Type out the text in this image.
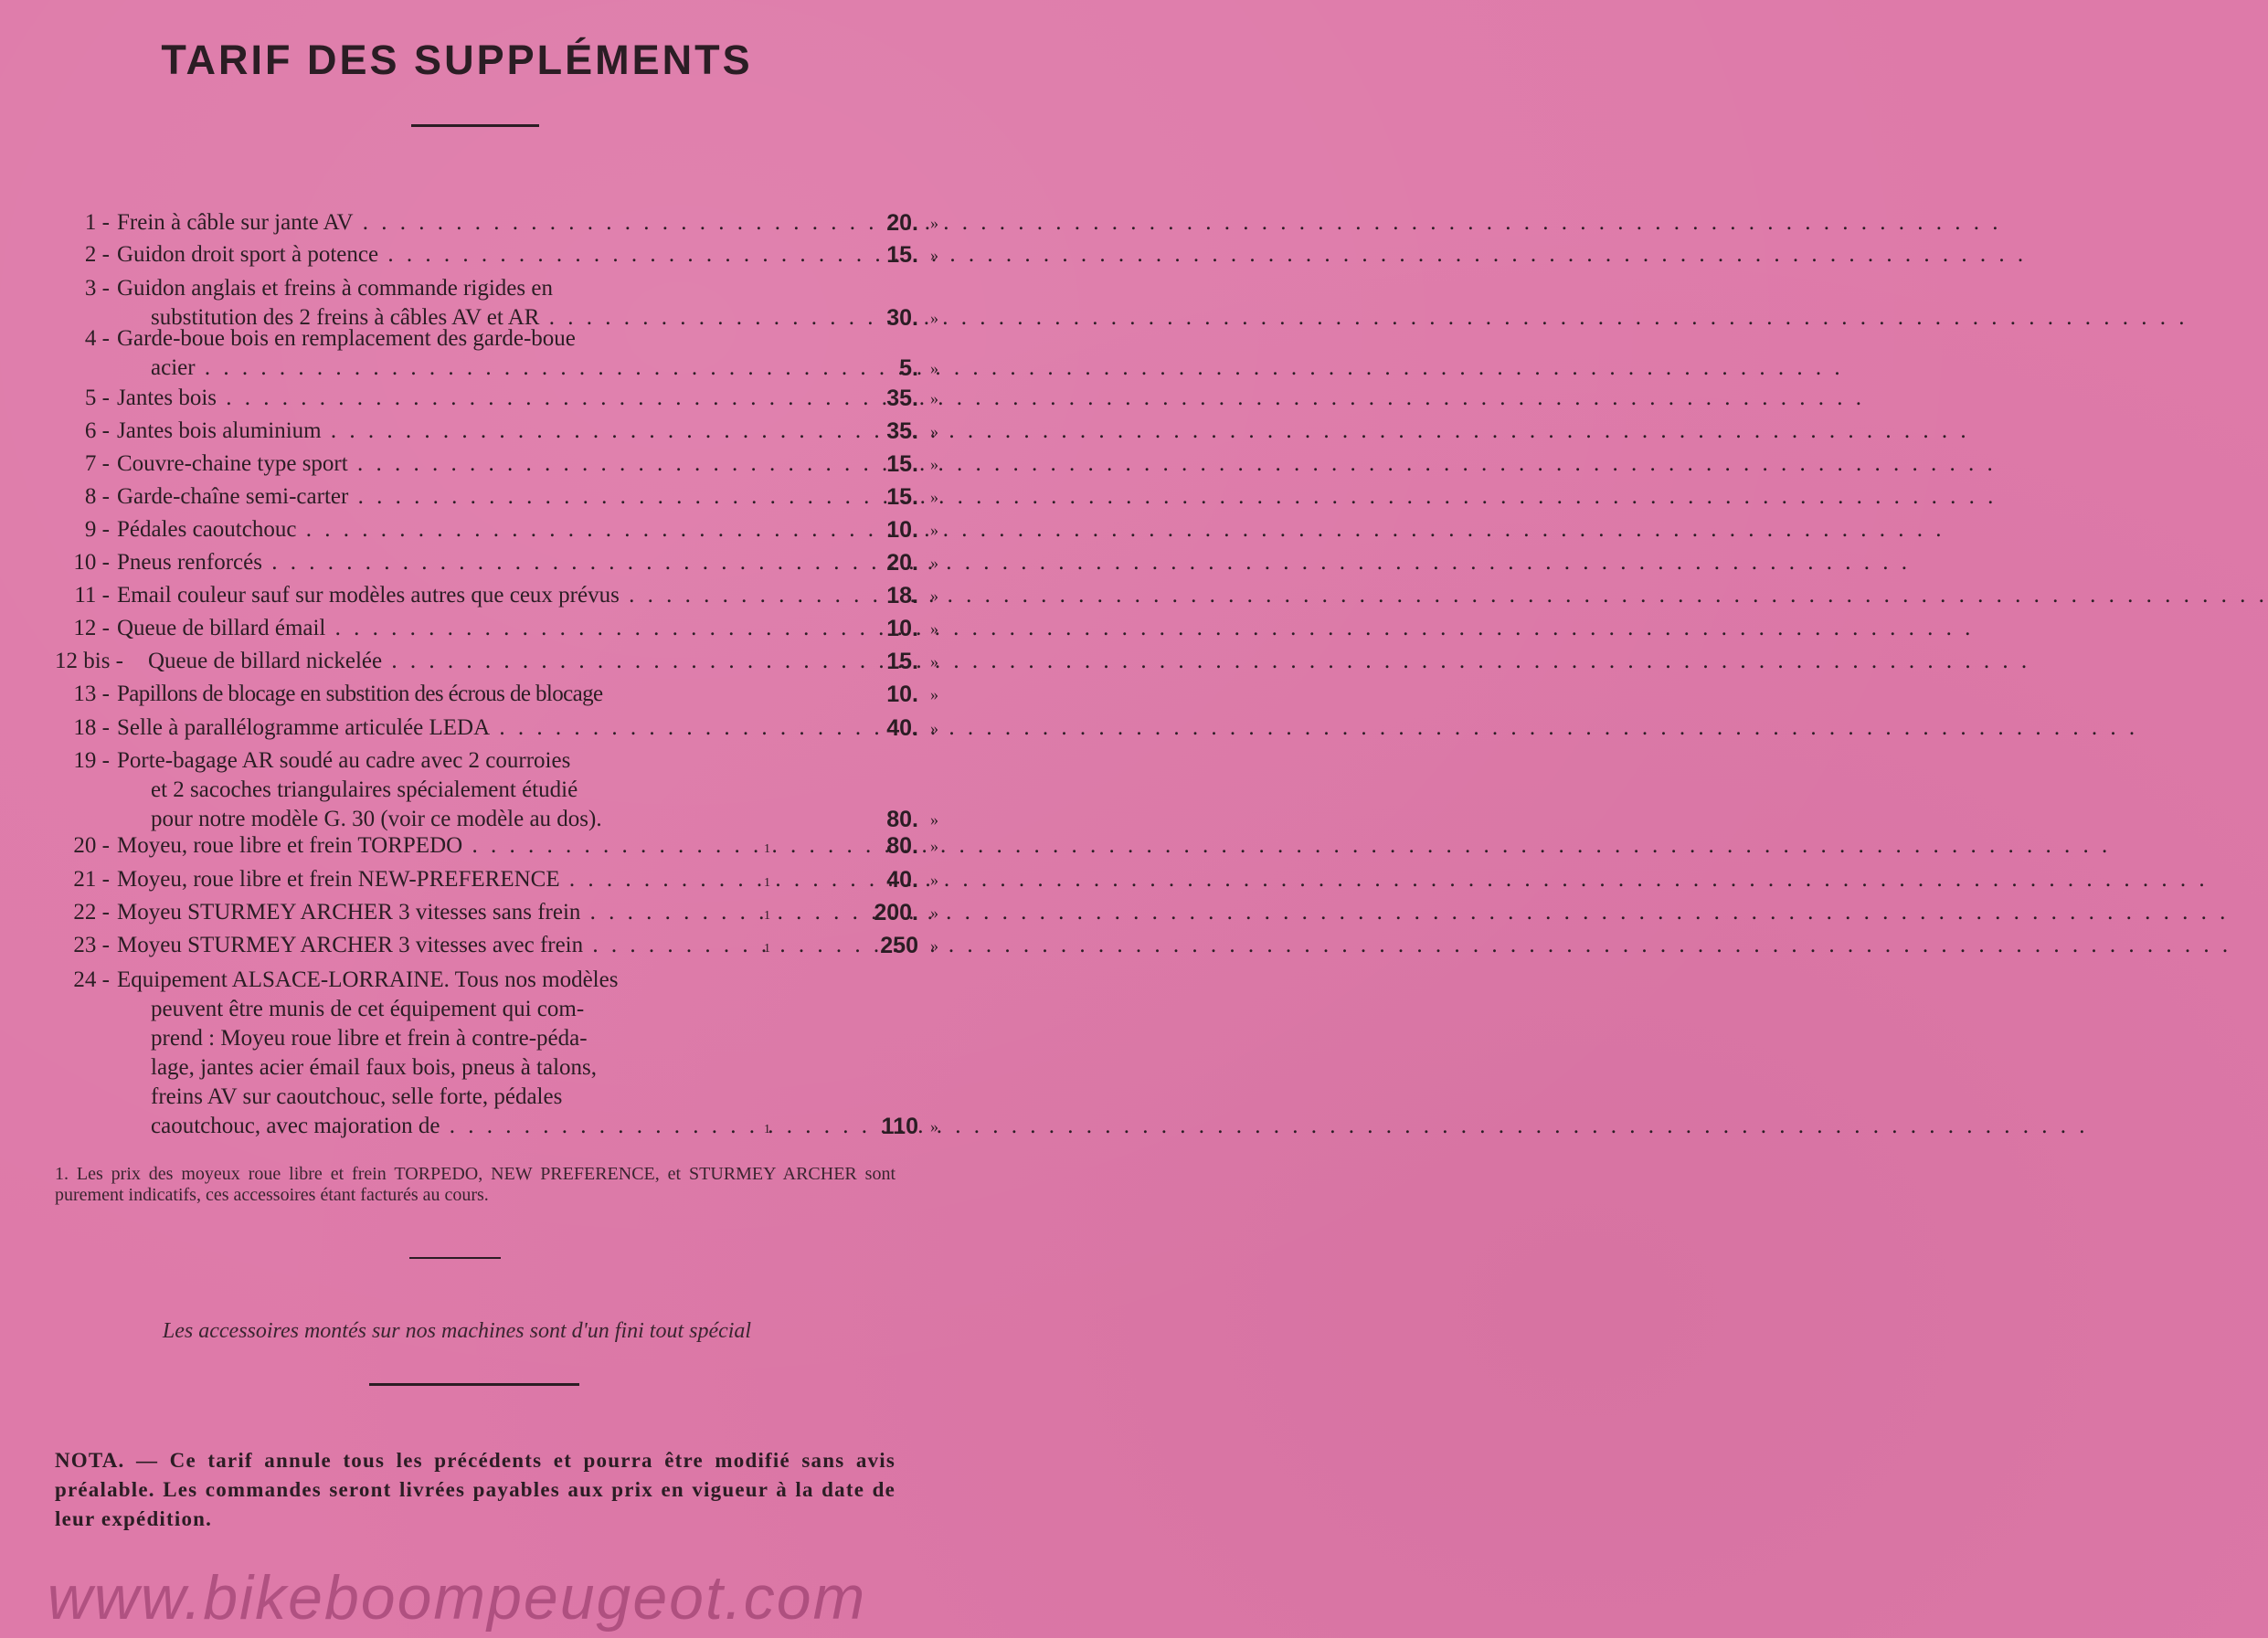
TARIF DES SUPPLÉMENTS
1 - Frein à câble sur jante AV . . .	20. »
2 - Guidon droit sport à potence . . .	15. »
3 - Guidon anglais et freins à commande rigides en
substitution des 2 freins à câbles AV et AR . . .	30. »
4 - Garde-boue bois en remplacement des garde-boue
acier . . .	5. »
5 - Jantes bois . . .	35. »
6 - Jantes bois aluminium . . .	35. »
7 - Couvre-chaine type sport . . .	15. »
8 - Garde-chaîne semi-carter . . .	15. »
9 - Pédales caoutchouc . . .	10. »
10 - Pneus renforcés . . .	20. »
11 - Email couleur sauf sur modèles autres que ceux prévus . . .	18. »
12 - Queue de billard émail . . .	10. »
12 bis - Queue de billard nickelée . . .	15. »
13 - Papillons de blocage en substition des écrous de blocage	10. »
18 - Selle à parallélogramme articulée LEDA . . .	40. »
19 - Porte-bagage AR soudé au cadre avec 2 courroies
et 2 sacoches triangulaires spécialement étudié
pour notre modèle G. 30 (voir ce modèle au dos).	80. »
20 - Moyeu, roue libre et frein TORPEDO . . .	1	80. »
21 - Moyeu, roue libre et frein NEW-PREFERENCE . . .	1	40. »
22 - Moyeu STURMEY ARCHER 3 vitesses sans frein . . .	1	200. »
23 - Moyeu STURMEY ARCHER 3 vitesses avec frein . . .	1	250 »
24 - Equipement ALSACE-LORRAINE. Tous nos modèles
peuvent être munis de cet équipement qui com-
prend : Moyeu roue libre et frein à contre-péda-
lage, jantes acier émail faux bois, pneus à talons,
freins AV sur caoutchouc, selle forte, pédales
caoutchouc, avec majoration de . . .	1	110 »
1. Les prix des moyeux roue libre et frein TORPEDO, NEW PREFERENCE, et STURMEY ARCHER sont purement indicatifs, ces accessoires étant facturés au cours.
Les accessoires montés sur nos machines sont d'un fini tout spécial
NOTA. — Ce tarif annule tous les précédents et pourra être modifié sans avis préalable. Les commandes seront livrées payables aux prix en vigueur à la date de leur expédition.
www.bikeboompeugeot.com
